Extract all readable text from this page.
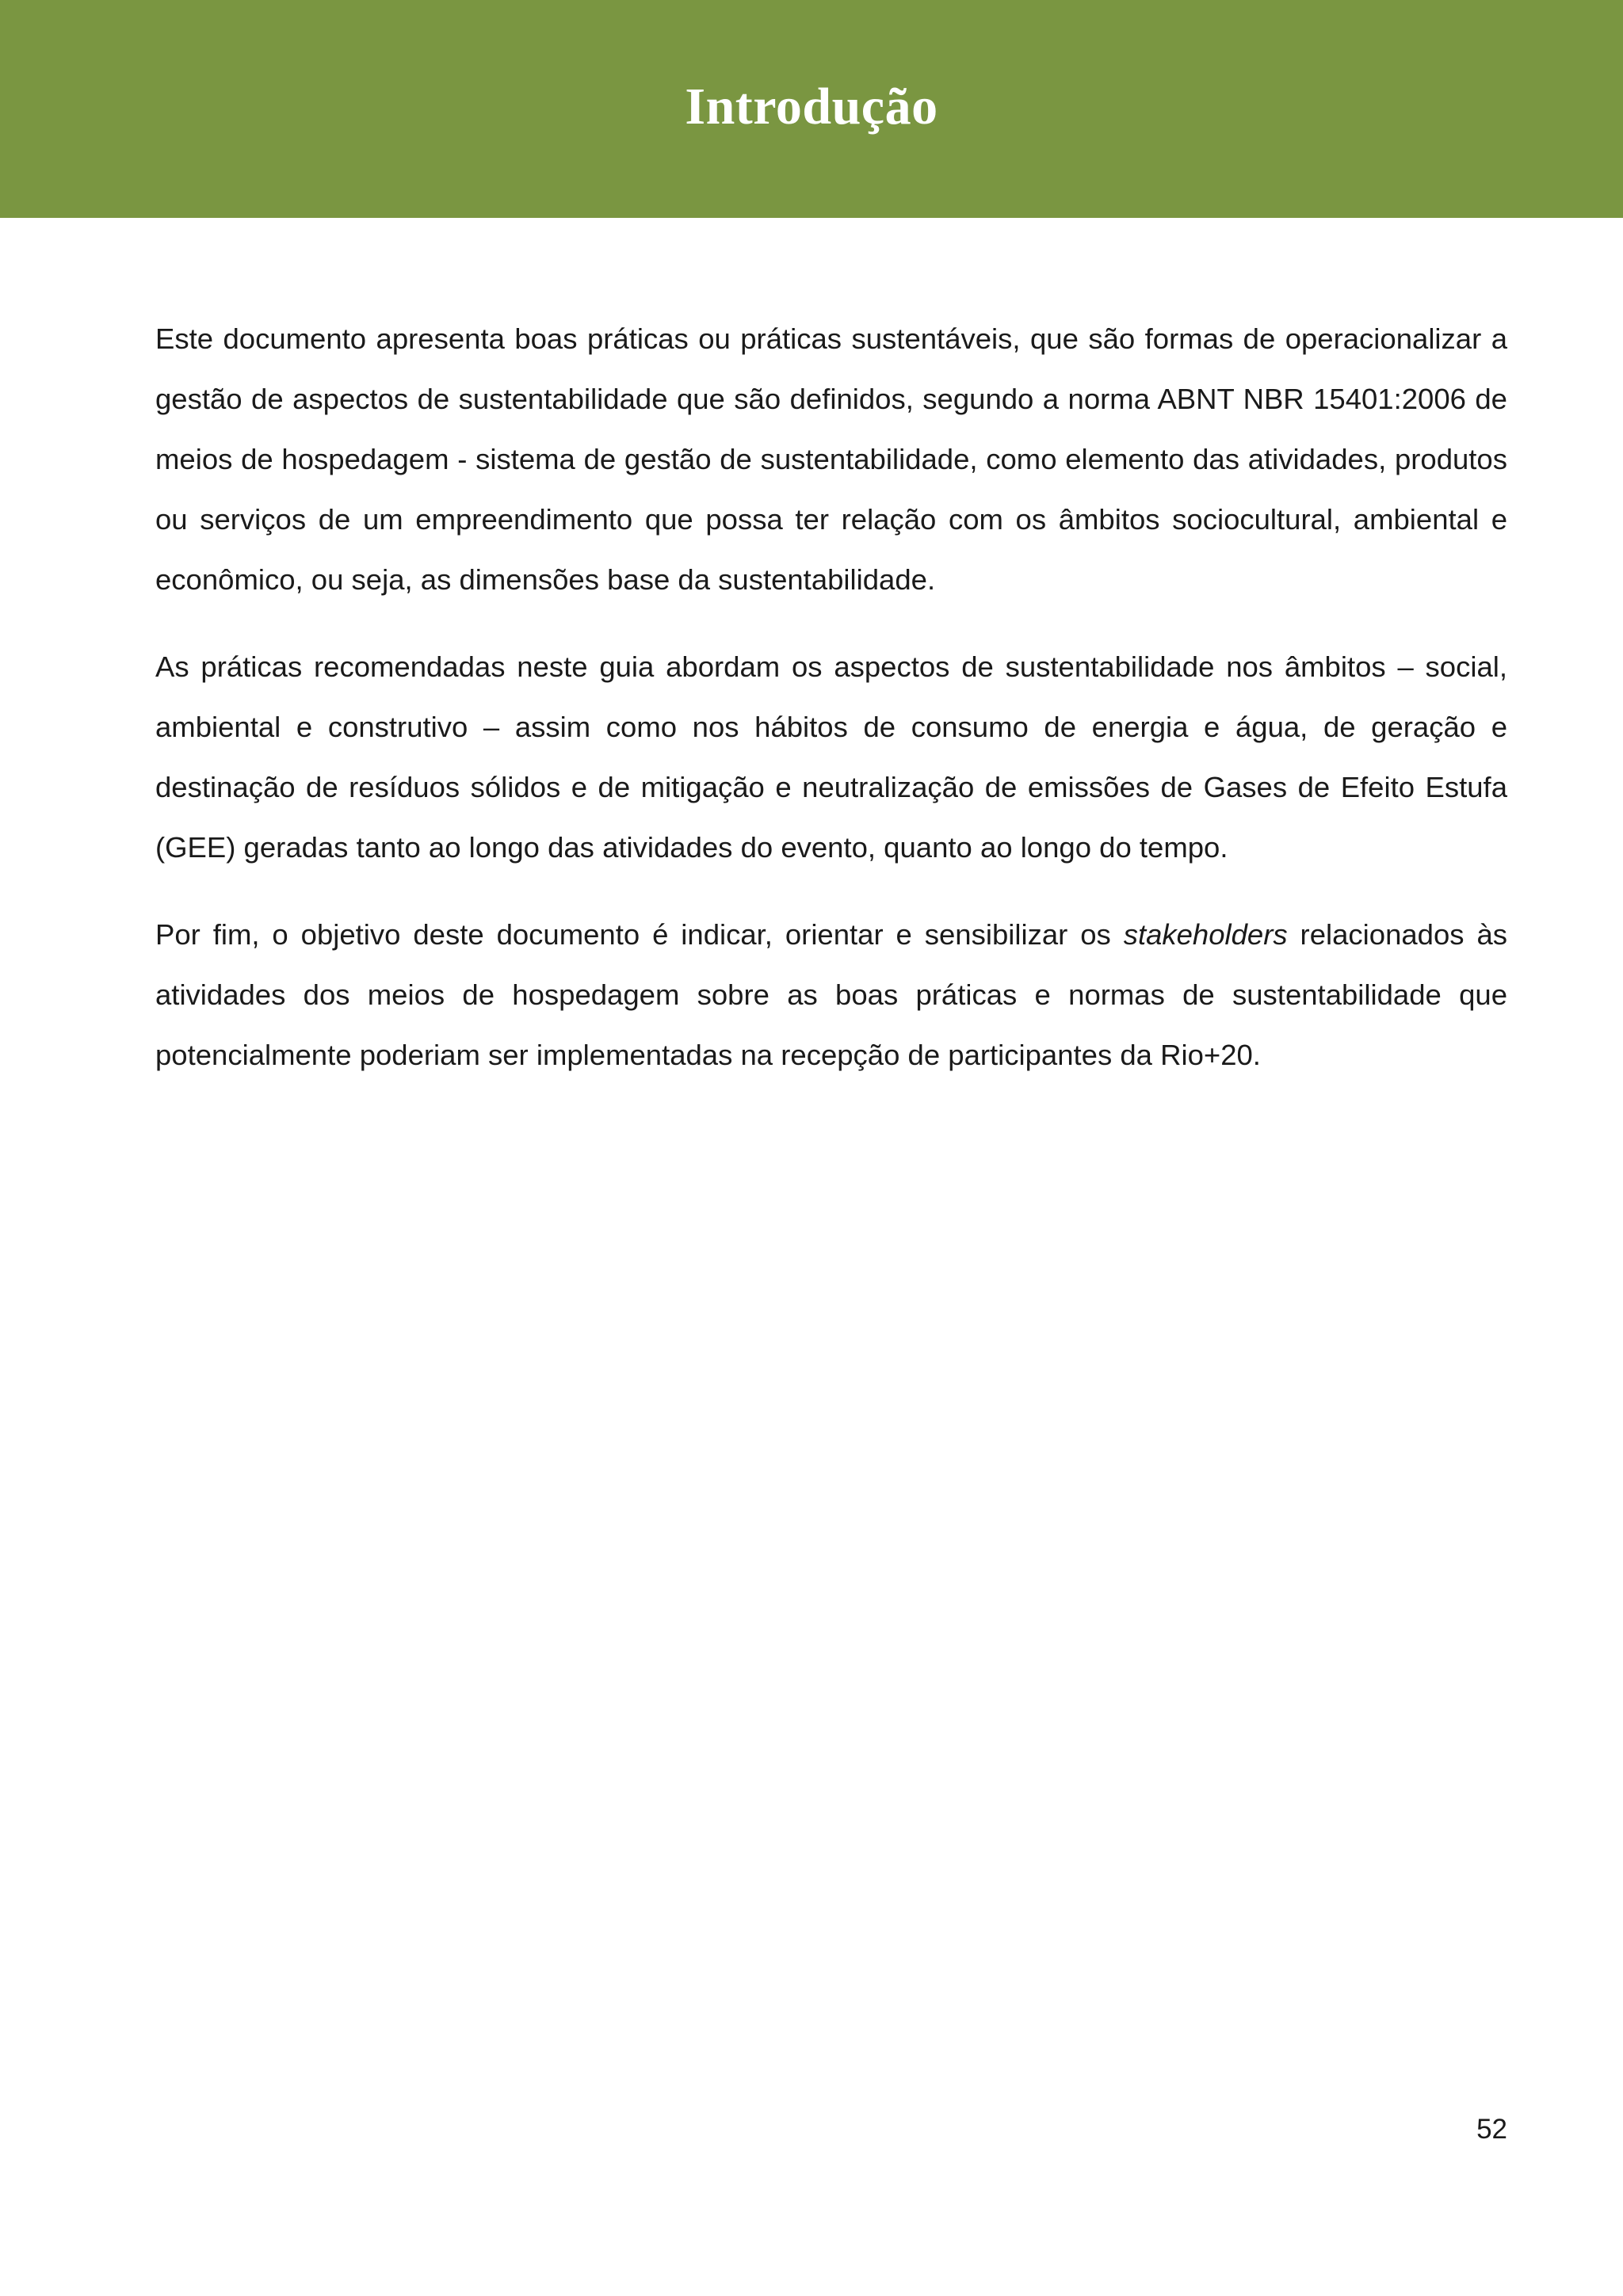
Introdução

Este documento apresenta boas práticas ou práticas sustentáveis, que são formas de operacionalizar a gestão de aspectos de sustentabilidade que são definidos, segundo a norma ABNT NBR 15401:2006 de meios de hospedagem - sistema de gestão de sustentabilidade, como elemento das atividades, produtos ou serviços de um empreendimento que possa ter relação com os âmbitos sociocultural, ambiental e econômico, ou seja, as dimensões base da sustentabilidade.

As práticas recomendadas neste guia abordam os aspectos de sustentabilidade nos âmbitos – social, ambiental e construtivo – assim como nos hábitos de consumo de energia e água, de geração e destinação de resíduos sólidos e de mitigação e neutralização de emissões de Gases de Efeito Estufa (GEE) geradas tanto ao longo das atividades do evento, quanto ao longo do tempo.

Por fim, o objetivo deste documento é indicar, orientar e sensibilizar os stakeholders relacionados às atividades dos meios de hospedagem sobre as boas práticas e normas de sustentabilidade que potencialmente poderiam ser implementadas na recepção de participantes da Rio+20.

52
